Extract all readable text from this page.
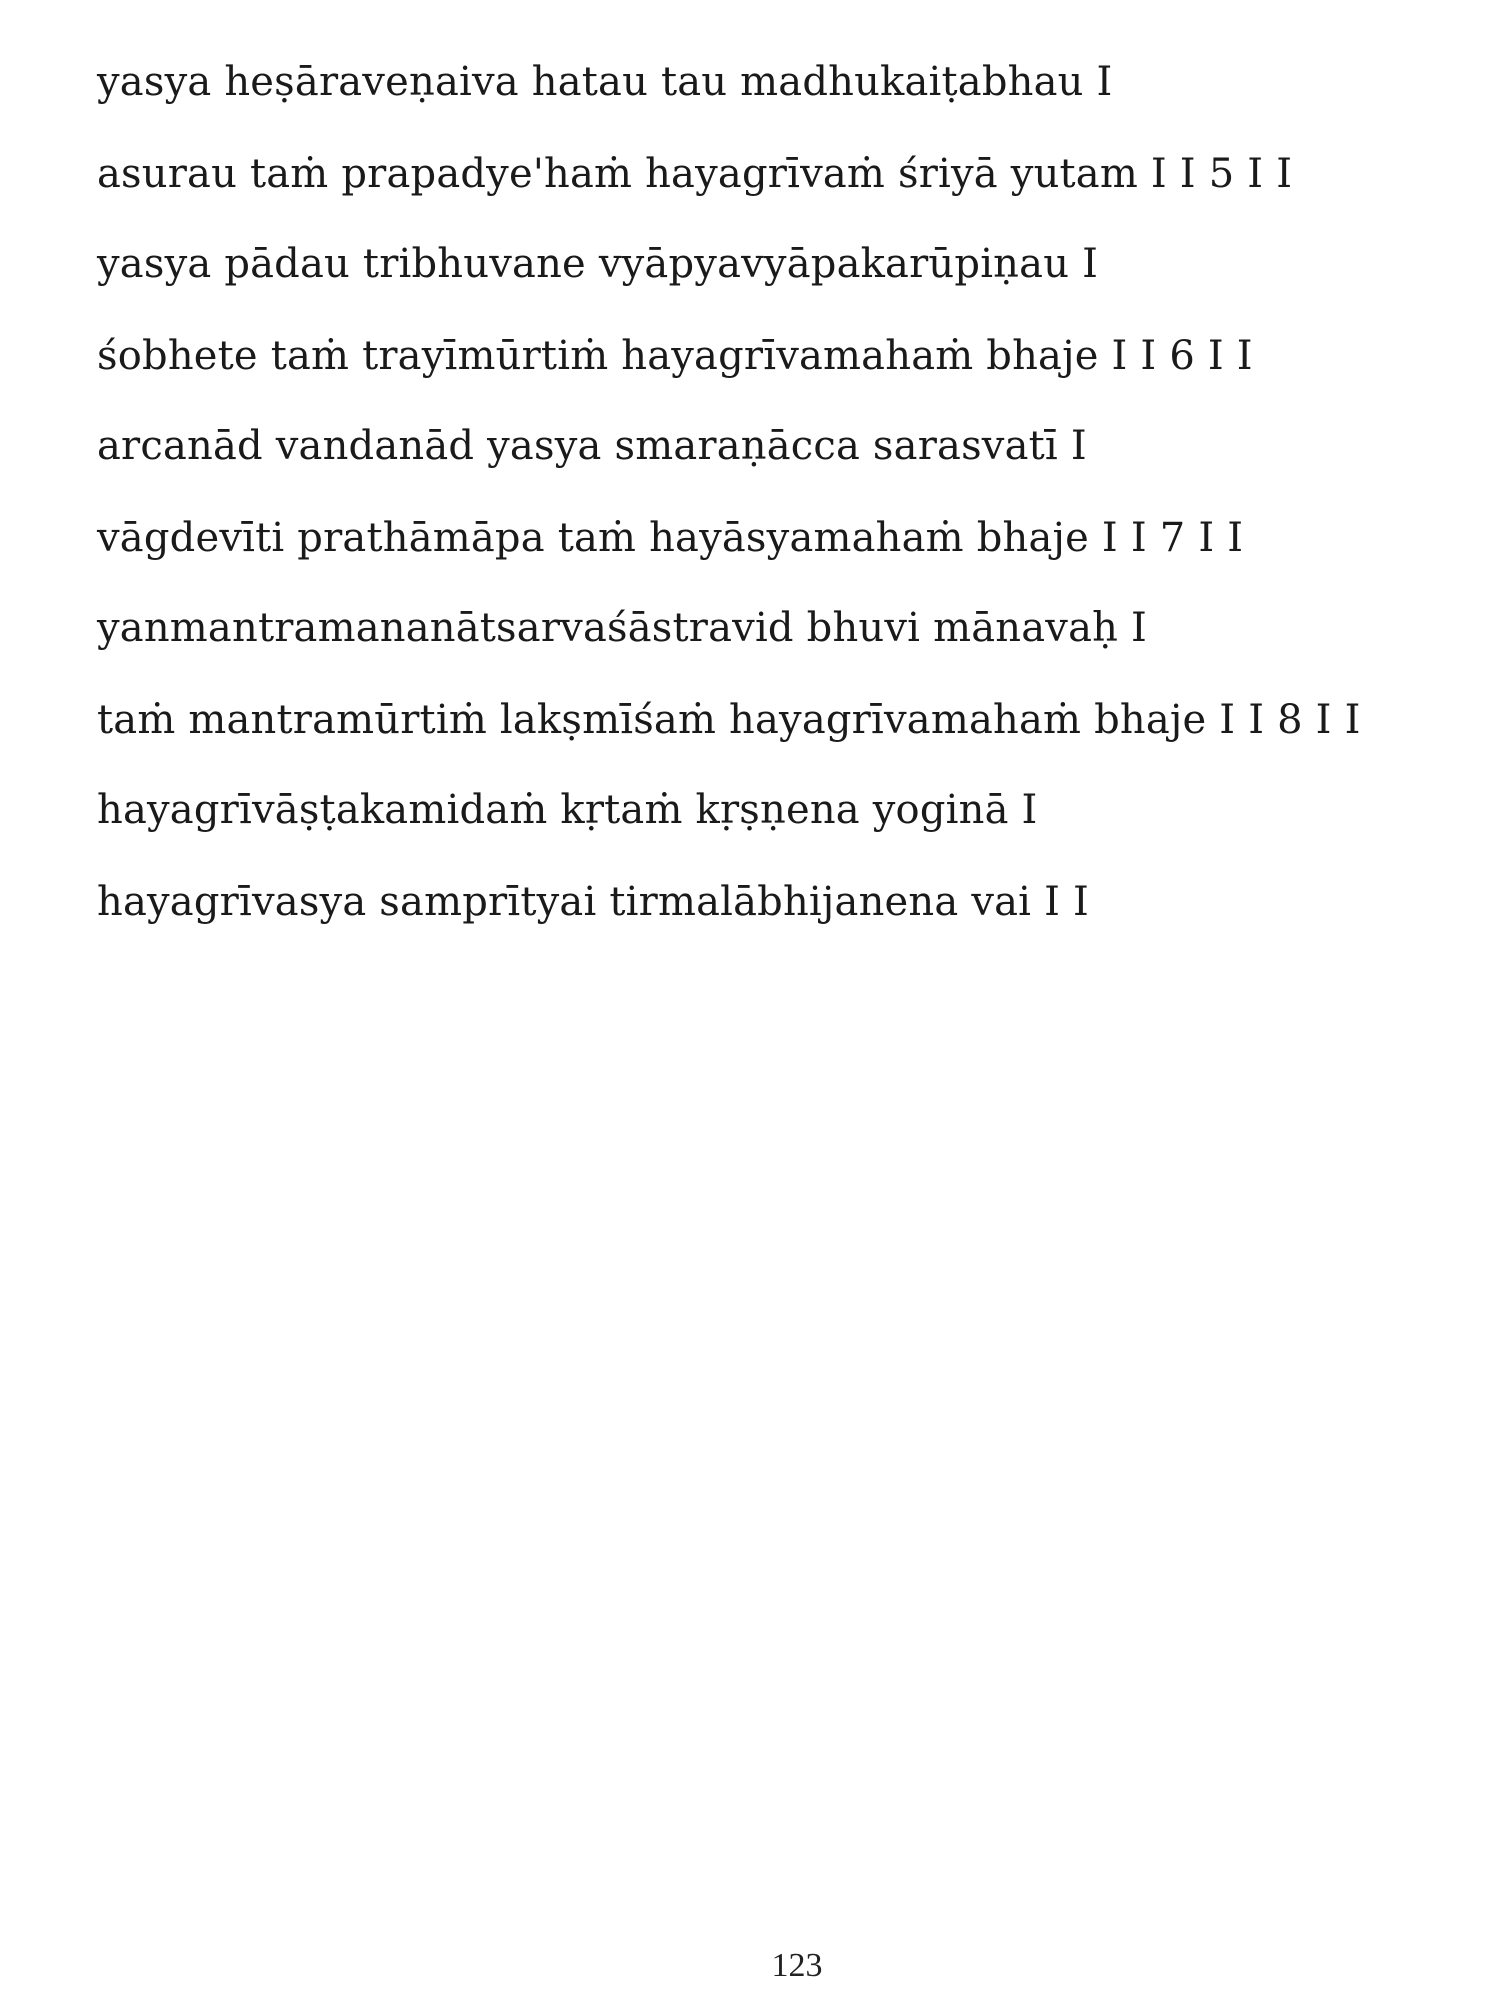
yasya heṣāraveṇaiva hatau tau madhukaiṭabhau I
asurau taṁ prapadye'haṁ hayagrīvaṁ śriyā yutam I I 5 I I
yasya pādau tribhuvane vyāpyavyāpakarūpiṇau I
śobhete taṁ trayīmūrtiṁ hayagrīvamahaṁ bhaje I I 6 I I
arcanād vandanād yasya smaraṇācca sarasvatī I
vāgdevīti prathāmāpa taṁ hayāsyamahaṁ bhaje I I 7 I I
yanmantramananātsarvaśāstravid bhuvi mānavaḥ I
taṁ mantramūrtiṁ lakṣmīśaṁ hayagrīvamahaṁ bhaje I I 8 I I
hayagrīvāṣṭakamidaṁ kṛtaṁ kṛṣṇena yoginā I
hayagrīvasya samprītyai tirmalābhijanena vai I I
123
